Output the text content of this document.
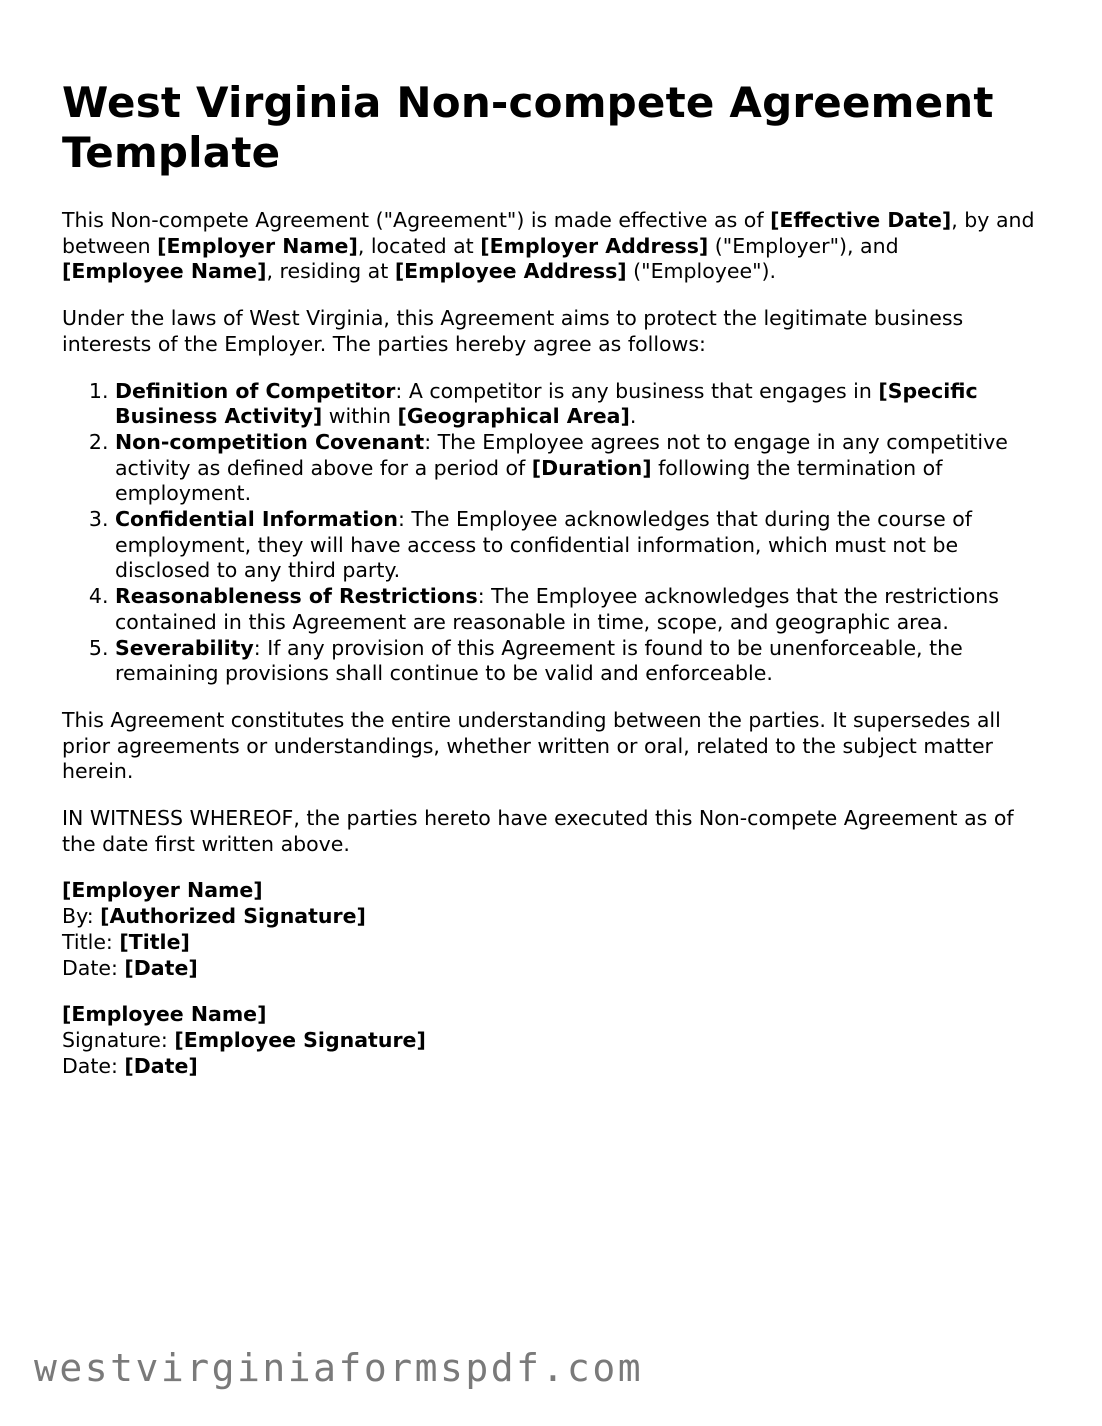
West Virginia Non-compete Agreement Template

This Non-compete Agreement ("Agreement") is made effective as of [Effective Date], by and between [Employer Name], located at [Employer Address] ("Employer"), and
[Employee Name], residing at [Employee Address] ("Employee").

Under the laws of West Virginia, this Agreement aims to protect the legitimate business interests of the Employer. The parties hereby agree as follows:

1. Definition of Competitor: A competitor is any business that engages in [Specific Business Activity] within [Geographical Area].
2. Non-competition Covenant: The Employee agrees not to engage in any competitive activity as defined above for a period of [Duration] following the termination of employment.
3. Confidential Information: The Employee acknowledges that during the course of employment, they will have access to confidential information, which must not be disclosed to any third party.
4. Reasonableness of Restrictions: The Employee acknowledges that the restrictions contained in this Agreement are reasonable in time, scope, and geographic area.
5. Severability: If any provision of this Agreement is found to be unenforceable, the remaining provisions shall continue to be valid and enforceable.

This Agreement constitutes the entire understanding between the parties. It supersedes all prior agreements or understandings, whether written or oral, related to the subject matter herein.

IN WITNESS WHEREOF, the parties hereto have executed this Non-compete Agreement as of the date first written above.

[Employer Name]
By: [Authorized Signature]
Title: [Title]
Date: [Date]
[Employee Name]
Signature: [Employee Signature]
Date: [Date]
westvirginiaformspdf.com
